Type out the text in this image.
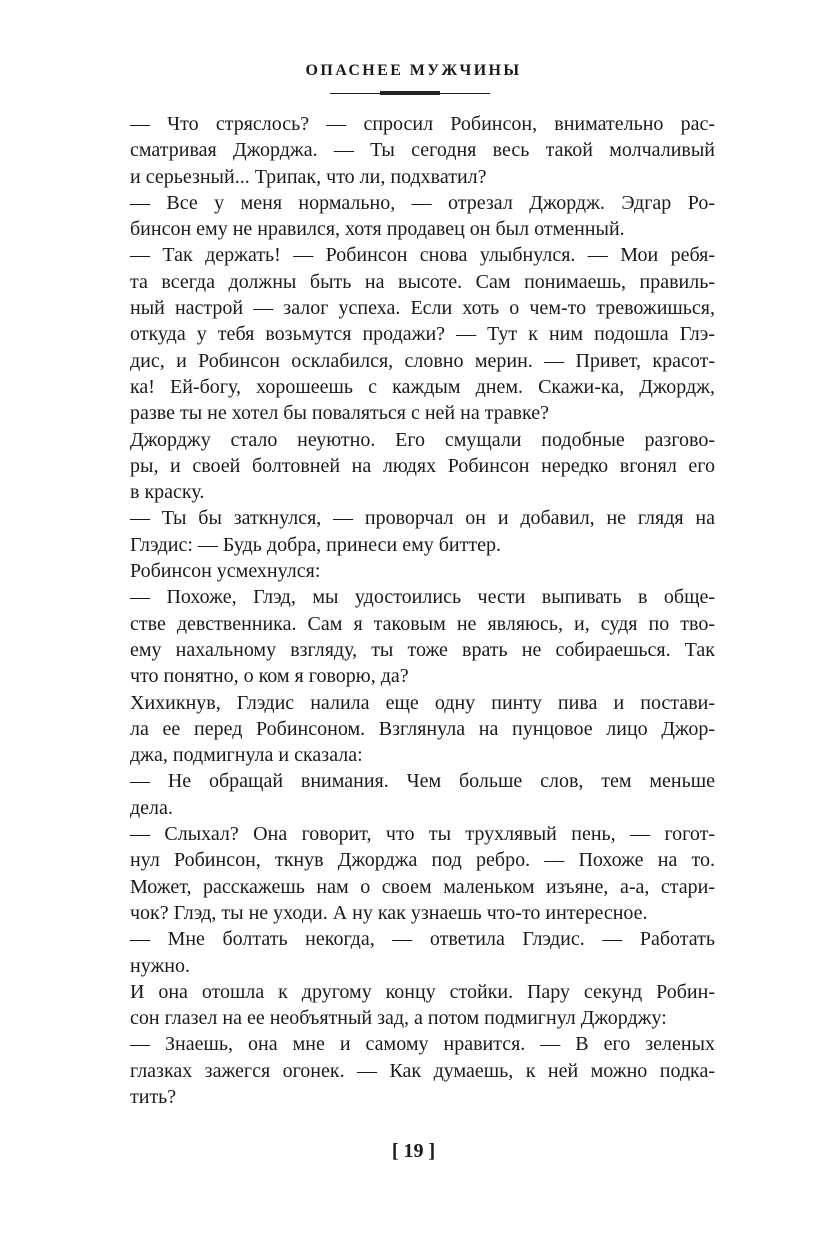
ОПАСНЕЕ МУЖЧИНЫ
— Что стряслось? — спросил Робинсон, внимательно рас-
сматривая Джорджа. — Ты сегодня весь такой молчаливый
и серьезный... Трипак, что ли, подхватил?
— Все у меня нормально, — отрезал Джордж. Эдгар Ро-
бинсон ему не нравился, хотя продавец он был отменный.
— Так держать! — Робинсон снова улыбнулся. — Мои ребя-
та всегда должны быть на высоте. Сам понимаешь, правиль-
ный настрой — залог успеха. Если хоть о чем-то тревожишься,
откуда у тебя возьмутся продажи? — Тут к ним подошла Глэ-
дис, и Робинсон осклабился, словно мерин. — Привет, красот-
ка! Ей-богу, хорошеешь с каждым днем. Скажи-ка, Джордж,
разве ты не хотел бы поваляться с ней на травке?
Джорджу стало неуютно. Его смущали подобные разгово-
ры, и своей болтовней на людях Робинсон нередко вгонял его
в краску.
— Ты бы заткнулся, — проворчал он и добавил, не глядя на
Глэдис: — Будь добра, принеси ему биттер.
Робинсон усмехнулся:
— Похоже, Глэд, мы удостоились чести выпивать в обще-
стве девственника. Сам я таковым не являюсь, и, судя по тво-
ему нахальному взгляду, ты тоже врать не собираешься. Так
что понятно, о ком я говорю, да?
Хихикнув, Глэдис налила еще одну пинту пива и постави-
ла ее перед Робинсоном. Взглянула на пунцовое лицо Джор-
джа, подмигнула и сказала:
— Не обращай внимания. Чем больше слов, тем меньше
дела.
— Слыхал? Она говорит, что ты трухлявый пень, — гогот-
нул Робинсон, ткнув Джорджа под ребро. — Похоже на то.
Может, расскажешь нам о своем маленьком изъяне, а-а, стари-
чок? Глэд, ты не уходи. А ну как узнаешь что-то интересное.
— Мне болтать некогда, — ответила Глэдис. — Работать
нужно.
И она отошла к другому концу стойки. Пару секунд Робин-
сон глазел на ее необъятный зад, а потом подмигнул Джорджу:
— Знаешь, она мне и самому нравится. — В его зеленых
глазках зажегся огонек. — Как думаешь, к ней можно подка-
тить?
[ 19 ]
